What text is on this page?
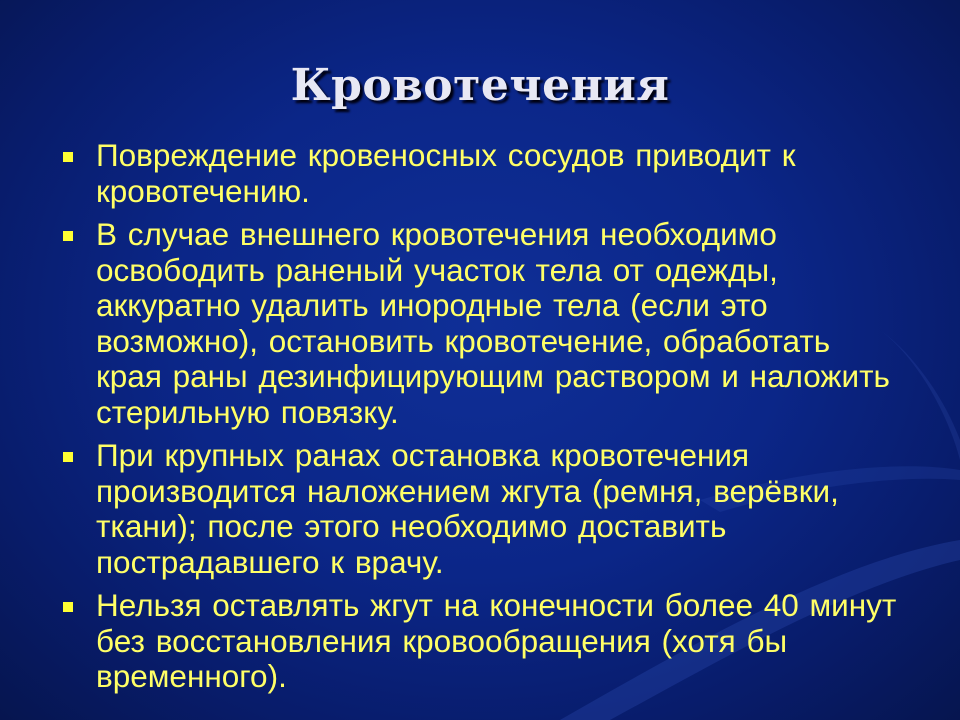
Кровотечения
Повреждение кровеносных сосудов приводит к кровотечению.
В случае внешнего кровотечения необходимо освободить раненый участок тела от одежды, аккуратно удалить инородные тела (если это возможно), остановить кровотечение, обработать края раны дезинфицирующим раствором и наложить стерильную повязку.
При крупных ранах остановка кровотечения производится наложением жгута (ремня, верёвки, ткани); после этого необходимо доставить пострадавшего к врачу.
Нельзя оставлять жгут на конечности более 40 минут без восстановления кровообращения (хотя бы временного).
